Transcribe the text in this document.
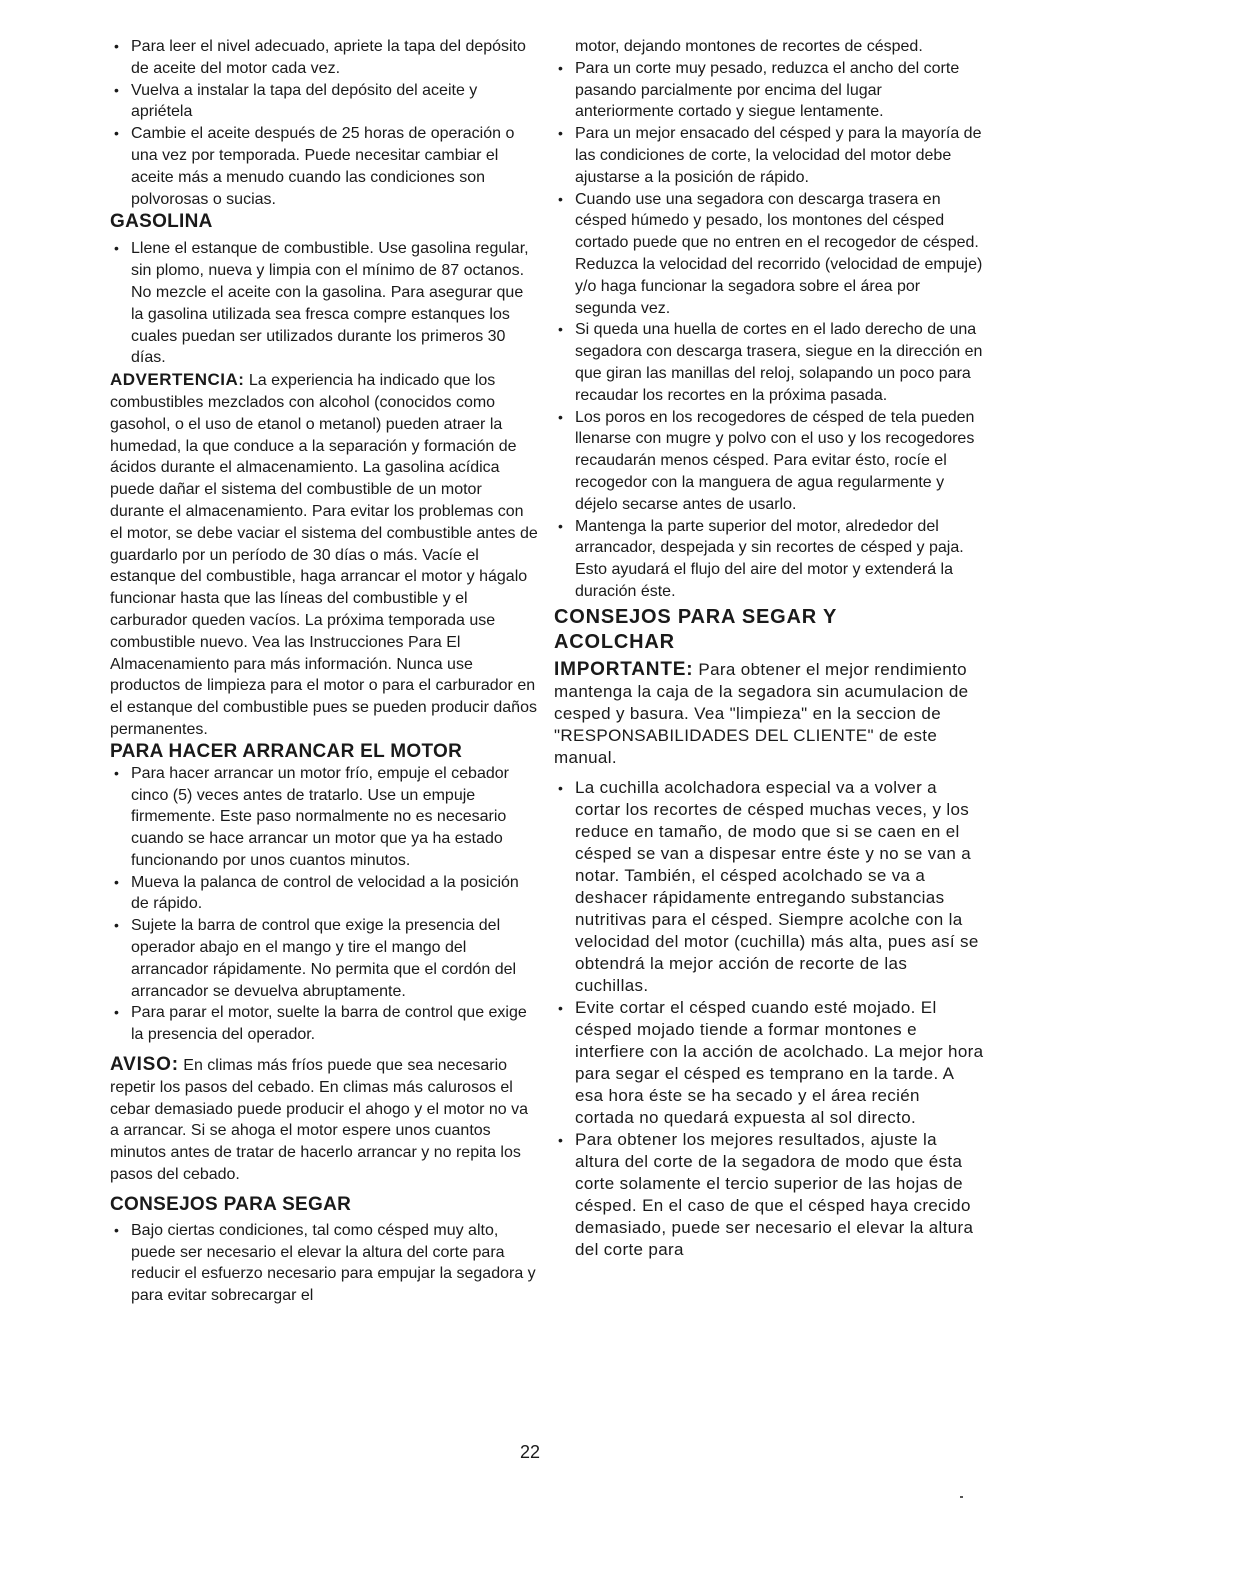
• Para leer el nivel adecuado, apriete la tapa del depósito de aceite del motor cada vez.
• Vuelva a instalar la tapa del depósito del aceite y apriétela
• Cambie el aceite después de 25 horas de operación o una vez por temporada. Puede necesitar cambiar el aceite más a menudo cuando las condiciones son polvorosas o sucias.
GASOLINA
• Llene el estanque de combustible. Use gasolina regular, sin plomo, nueva y limpia con el mínimo de 87 octanos. No mezcle el aceite con la gasolina. Para asegurar que la gasolina utilizada sea fresca compre estanques los cuales puedan ser utilizados durante los primeros 30 días.

ADVERTENCIA: La experiencia ha indicado que los combustibles mezclados con alcohol (conocidos como gasohol, o el uso de etanol o metanol) pueden atraer la humedad, la que conduce a la separación y formación de ácidos durante el almacenamiento. La gasolina acídica puede dañar el sistema del combustible de un motor durante el almacenamiento. Para evitar los problemas con el motor, se debe vaciar el sistema del combustible antes de guardarlo por un período de 30 días o más. Vacíe el estanque del combustible, haga arrancar el motor y hágalo funcionar hasta que las líneas del combustible y el carburador queden vacíos. La próxima temporada use combustible nuevo. Vea las Instrucciones Para El Almacenamiento para más información. Nunca use productos de limpieza para el motor o para el carburador en el estanque del combustible pues se pueden producir daños permanentes.

PARA HACER ARRANCAR EL MOTOR
• Para hacer arrancar un motor frío, empuje el cebador cinco (5) veces antes de tratarlo. Use un empuje firmemente. Este paso normalmente no es necesario cuando se hace arrancar un motor que ya ha estado funcionando por unos cuantos minutos.
• Mueva la palanca de control de velocidad a la posición de rápido.
• Sujete la barra de control que exige la presencia del operador abajo en el mango y tire el mango del arrancador rápidamente. No permita que el cordón del arrancador se devuelva abruptamente.
• Para parar el motor, suelte la barra de control que exige la presencia del operador.

AVISO: En climas más fríos puede que sea necesario repetir los pasos del cebado. En climas más calurosos el cebar demasiado puede producir el ahogo y el motor no va a arrancar. Si se ahoga el motor espere unos cuantos minutos antes de tratar de hacerlo arrancar y no repita los pasos del cebado.

CONSEJOS PARA SEGAR
• Bajo ciertas condiciones, tal como césped muy alto, puede ser necesario el elevar la altura del corte para reducir el esfuerzo necesario para empujar la segadora y para evitar sobrecargar el

motor, dejando montones de recortes de césped.

• Para un corte muy pesado, reduzca el ancho del corte pasando parcialmente por encima del lugar anteriormente cortado y siegue lentamente.
• Para un mejor ensacado del césped y para la mayoría de las condiciones de corte, la velocidad del motor debe ajustarse a la posición de rápido.
• Cuando use una segadora con descarga trasera en césped húmedo y pesado, los montones del césped cortado puede que no entren en el recogedor de césped. Reduzca la velocidad del recorrido (velocidad de empuje) y/o haga funcionar la segadora sobre el área por segunda vez.
• Si queda una huella de cortes en el lado derecho de una segadora con descarga trasera, siegue en la dirección en que giran las manillas del reloj, solapando un poco para recaudar los recortes en la próxima pasada.
• Los poros en los recogedores de césped de tela pueden llenarse con mugre y polvo con el uso y los recogedores recaudarán menos césped. Para evitar ésto, rocíe el recogedor con la manguera de agua regularmente y déjelo secarse antes de usarlo.
• Mantenga la parte superior del motor, alrededor del arrancador, despejada y sin recortes de césped y paja. Esto ayudará el flujo del aire del motor y extenderá la duración éste.
CONSEJOS PARA SEGAR Y ACOLCHAR

IMPORTANTE: Para obtener el mejor rendimiento mantenga la caja de la segadora sin acumulacion de cesped y basura. Vea "limpieza" en la seccion de "RESPONSABILIDADES DEL CLIENTE" de este manual.

• La cuchilla acolchadora especial va a volver a cortar los recortes de césped muchas veces, y los reduce en tamaño, de modo que si se caen en el césped se van a dispesar entre éste y no se van a notar. También, el césped acolchado se va a deshacer rápidamente entregando substancias nutritivas para el césped. Siempre acolche con la velocidad del motor (cuchilla) más alta, pues así se obtendrá la mejor acción de recorte de las cuchillas.
• Evite cortar el césped cuando esté mojado. El césped mojado tiende a formar montones e interfiere con la acción de acolchado. La mejor hora para segar el césped es temprano en la tarde. A esa hora éste se ha secado y el área recién cortada no quedará expuesta al sol directo.
• Para obtener los mejores resultados, ajuste la altura del corte de la segadora de modo que ésta corte solamente el tercio superior de las hojas de césped. En el caso de que el césped haya crecido demasiado, puede ser necesario el elevar la altura del corte para
22
